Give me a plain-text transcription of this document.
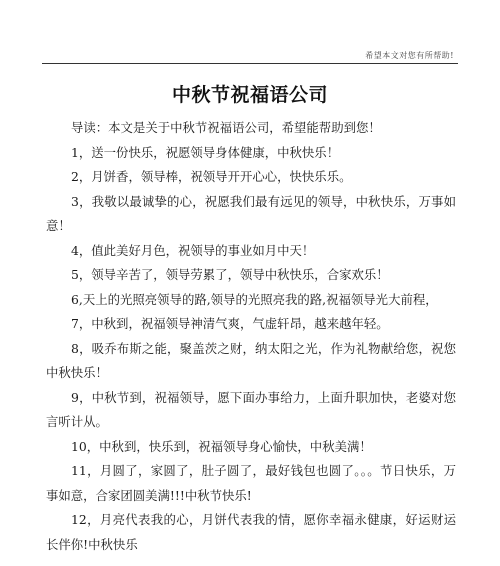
希望本文对您有所帮助!
中秋节祝福语公司

导读：本文是关于中秋节祝福语公司，希望能帮助到您！

1，送一份快乐，祝愿领导身体健康，中秋快乐！

2，月饼香，领导棒，祝领导开开心心，快快乐乐。

3，我敬以最诚挚的心，祝愿我们最有远见的领导，中秋快乐，万事如意！

4，值此美好月色，祝领导的事业如月中天！

5，领导辛苦了，领导劳累了，领导中秋快乐，合家欢乐！

6,天上的光照亮领导的路,领导的光照亮我的路,祝福领导光大前程，

7，中秋到，祝福领导神清气爽，气虚轩昂，越来越年轻。

8，吸乔布斯之能，聚盖茨之财，纳太阳之光，作为礼物献给您，祝您中秋快乐！

9，中秋节到，祝福领导，愿下面办事给力，上面升职加快，老婆对您言听计从。

10，中秋到，快乐到，祝福领导身心愉快，中秋美满！

11，月圆了，家圆了，肚子圆了，最好钱包也圆了。。。节日快乐，万事如意，合家团圆美满!!!中秋节快乐!

12，月亮代表我的心，月饼代表我的情，愿你幸福永健康，好运财运长伴你!中秋快乐
